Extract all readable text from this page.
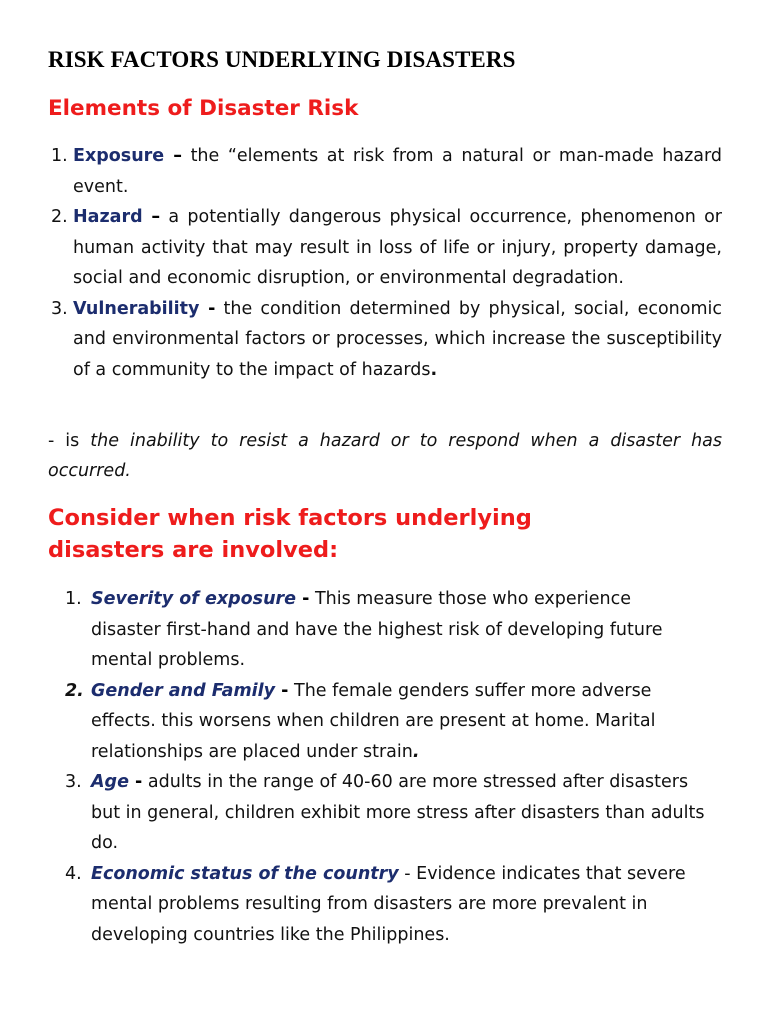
RISK FACTORS UNDERLYING DISASTERS
Elements of Disaster Risk
1. Exposure – the “elements at risk from a natural or man-made hazard event.
2. Hazard – a potentially dangerous physical occurrence, phenomenon or human activity that may result in loss of life or injury, property damage, social and economic disruption, or environmental degradation.
3. Vulnerability - the condition determined by physical, social, economic and environmental factors or processes, which increase the susceptibility of a community to the impact of hazards.

- is the inability to resist a hazard or to respond when a disaster has occurred.

Consider when risk factors underlying disasters are involved:
1. Severity of exposure - This measure those who experience disaster first-hand and have the highest risk of developing future mental problems.
2. Gender and Family - The female genders suffer more adverse effects. this worsens when children are present at home. Marital relationships are placed under strain.
3. Age - adults in the range of 40-60 are more stressed after disasters but in general, children exhibit more stress after disasters than adults do.
4. Economic status of the country - Evidence indicates that severe mental problems resulting from disasters are more prevalent in developing countries like the Philippines.
